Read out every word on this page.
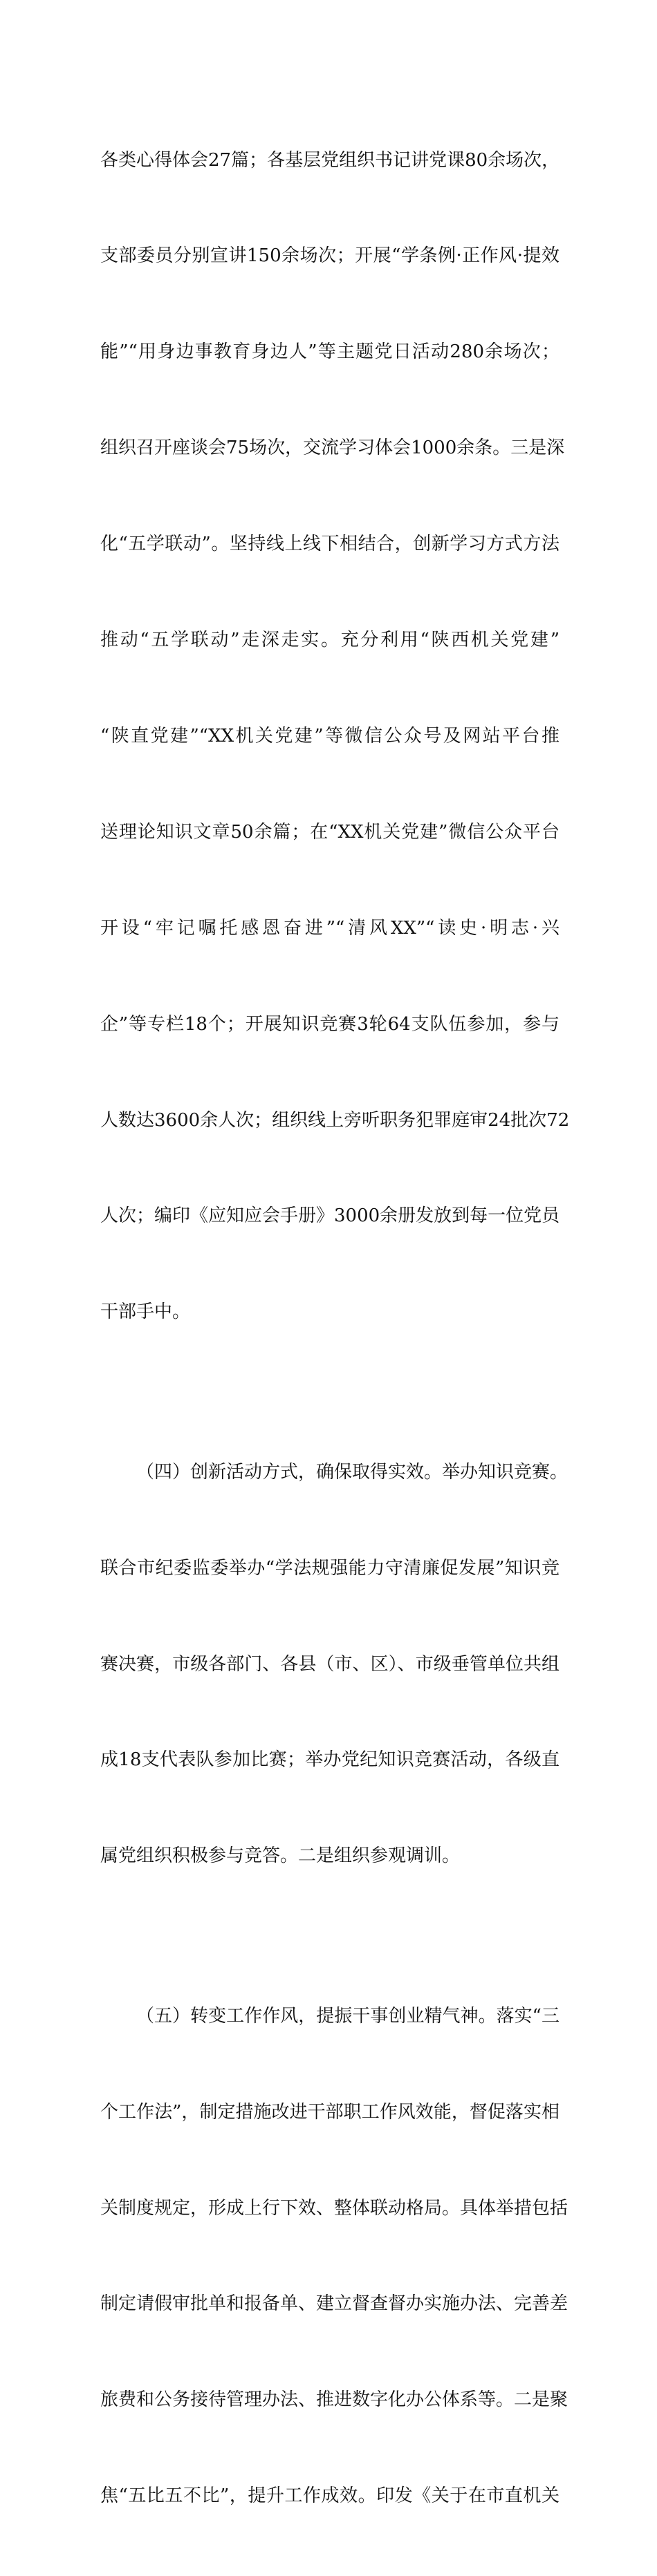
各类心得体会27篇；各基层党组织书记讲党课80余场次，

支部委员分别宣讲150余场次；开展“学条例·正作风·提效

能”“用身边事教育身边人”等主题党日活动280余场次；

组织召开座谈会75场次，交流学习体会1000余条。三是深

化“五学联动”。坚持线上线下相结合，创新学习方式方法

推动“五学联动”走深走实。充分利用“陕西机关党建”

“陕直党建”“XX机关党建”等微信公众号及网站平台推

送理论知识文章50余篇；在“XX机关党建”微信公众平台

开设“牢记嘱托感恩奋进”“清风XX”“读史·明志·兴

企”等专栏18个；开展知识竞赛3轮64支队伍参加，参与

人数达3600余人次；组织线上旁听职务犯罪庭审24批次72

人次；编印《应知应会手册》3000余册发放到每一位党员

干部手中。

（四）创新活动方式，确保取得实效。举办知识竞赛。

联合市纪委监委举办“学法规强能力守清廉促发展”知识竞

赛决赛，市级各部门、各县（市、区）、市级垂管单位共组

成18支代表队参加比赛；举办党纪知识竞赛活动，各级直

属党组织积极参与竞答。二是组织参观调训。

（五）转变工作作风，提振干事创业精气神。落实“三

个工作法”，制定措施改进干部职工作风效能，督促落实相

关制度规定，形成上行下效、整体联动格局。具体举措包括

制定请假审批单和报备单、建立督查督办实施办法、完善差

旅费和公务接待管理办法、推进数字化办公体系等。二是聚

焦“五比五不比”，提升工作成效。印发《关于在市直机关
